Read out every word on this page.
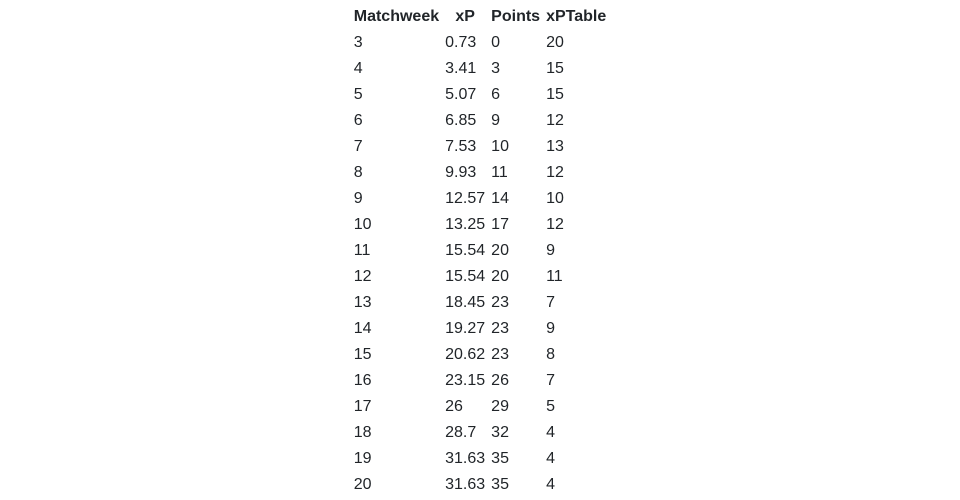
Matchweek	xP	Points	xPTable
3	0.73	0	20
4	3.41	3	15
5	5.07	6	15
6	6.85	9	12
7	7.53	10	13
8	9.93	11	12
9	12.57	14	10
10	13.25	17	12
11	15.54	20	9
12	15.54	20	11
13	18.45	23	7
14	19.27	23	9
15	20.62	23	8
16	23.15	26	7
17	26	29	5
18	28.7	32	4
19	31.63	35	4
20	31.63	35	4
